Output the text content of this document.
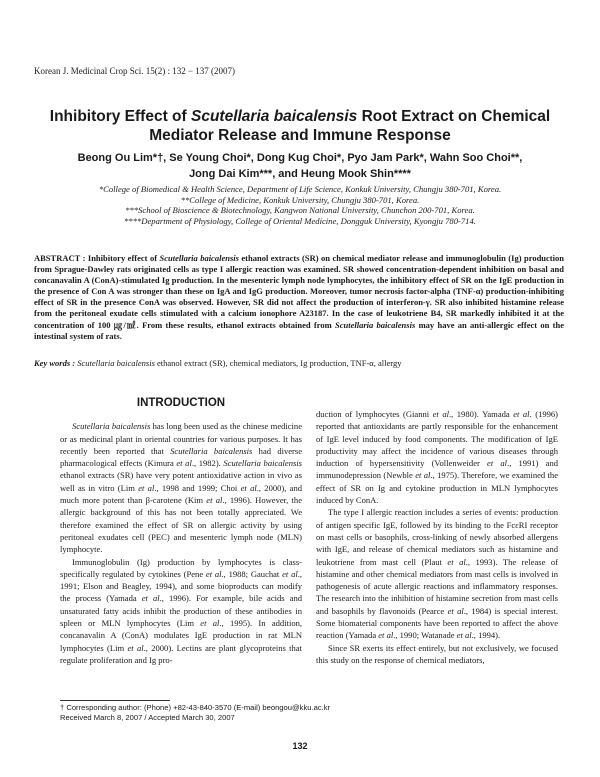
Korean J. Medicinal Crop Sci. 15(2) : 132 − 137 (2007)
Inhibitory Effect of Scutellaria baicalensis Root Extract on Chemical
Mediator Release and Immune Response
Beong Ou Lim*†, Se Young Choi*, Dong Kug Choi*, Pyo Jam Park*, Wahn Soo Choi**,
Jong Dai Kim***, and Heung Mook Shin****
*College of Biomedical & Health Science, Department of Life Science, Konkuk University, Chungju 380-701, Korea.
**College of Medicine, Konkuk University, Chungju 380-701, Korea.
***School of Bioscience & Biotechnology, Kangwon National University, Chunchon 200-701, Korea.
****Department of Physiology, College of Oriental Medicine, Dongguk University, Kyongju 780-714.
ABSTRACT : Inhibitory effect of Scutellaria baicalensis ethanol extracts (SR) on chemical mediator release and immunoglobulin (Ig) production from Sprague-Dawley rats originated cells as type I allergic reaction was examined. SR showed concentration-dependent inhibition on basal and concanavalin A (ConA)-stimulated Ig production. In the mesenteric lymph node lymphocytes, the inhibitory effect of SR on the IgE production in the presence of Con A was stronger than these on IgA and IgG production. Moreover, tumor necrosis factor-alpha (TNF-α) production-inhibiting effect of SR in the presence ConA was observed. However, SR did not affect the production of interferon-γ. SR also inhibited histamine release from the peritoneal exudate cells stimulated with a calcium ionophore A23187. In the case of leukotriene B4, SR markedly inhibited it at the concentration of 100 ㎍/㎖. From these results, ethanol extracts obtained from Scutellaria baicalensis may have an anti-allergic effect on the intestinal system of rats.
Key words : Scutellaria baicalensis ethanol extract (SR), chemical mediators, Ig production, TNF-α, allergy
INTRODUCTION

Scutellaria baicalensis has long been used as the chinese medicine or as medicinal plant in oriental countries for various purposes. It has recently been reported that Scutellaria baicalensis had diverse pharmacological effects (Kimura et al., 1982). Scutellaria baicalensis ethanol extracts (SR) have very potent antioxidative action in vivo as well as in vitro (Lim et al., 1998 and 1999; Choi et al., 2000), and much more potent than β-carotene (Kim et al., 1996). However, the allergic background of this has not been totally appreciated. We therefore examined the effect of SR on allergic activity by using peritoneal exudates cell (PEC) and mesenteric lymph node (MLN) lymphocyte.

Immunoglobulin (Ig) production by lymphocytes is class-specifically regulated by cytokines (Pene et al., 1988; Gauchat et al., 1991; Elson and Beagley, 1994), and some bioproducts can modify the process (Yamada et al., 1996). For example, bile acids and unsaturated fatty acids inhibit the production of these antibodies in spleen or MLN lymphocytes (Lim et al., 1995). In addition, concanavalin A (ConA) modulates IgE production in rat MLN lymphocytes (Lim et al., 2000). Lectins are plant glycoproteins that regulate proliferation and Ig pro-

duction of lymphocytes (Gianni et al., 1980). Yamada et al. (1996) reported that antioxidants are partly responsible for the enhancement of IgE level induced by food components. The modification of IgE productivity may affect the incidence of various diseases through induction of hypersensitivity (Vollenweider et al., 1991) and immunodepression (Newble et al., 1975). Therefore, we examined the effect of SR on Ig and cytokine production in MLN lymphocytes induced by ConA.

The type I allergic reaction includes a series of events: production of antigen specific IgE, followed by its binding to the FcεRI receptor on mast cells or basophils, cross-linking of newly absorbed allergens with IgE, and release of chemical mediators such as histamine and leukotriene from mast cell (Plaut et al., 1993). The release of histamine and other chemical mediators from mast cells is involved in pathogenesis of acute allergic reactions and inflammatory responses. The research into the inhibition of histamine secretion from mast cells and basophils by flavonoids (Pearce et al., 1984) is special interest. Some biomaterial components have been reported to affect the above reaction (Yamada et al., 1990; Watanade et al., 1994).

Since SR exerts its effect entirely, but not exclusively, we focused this study on the response of chemical mediators,

† Corresponding author: (Phone) +82-43-840-3570 (E-mail) beongou@kku.ac.kr
Received March 8, 2007 / Accepted March 30, 2007
132
